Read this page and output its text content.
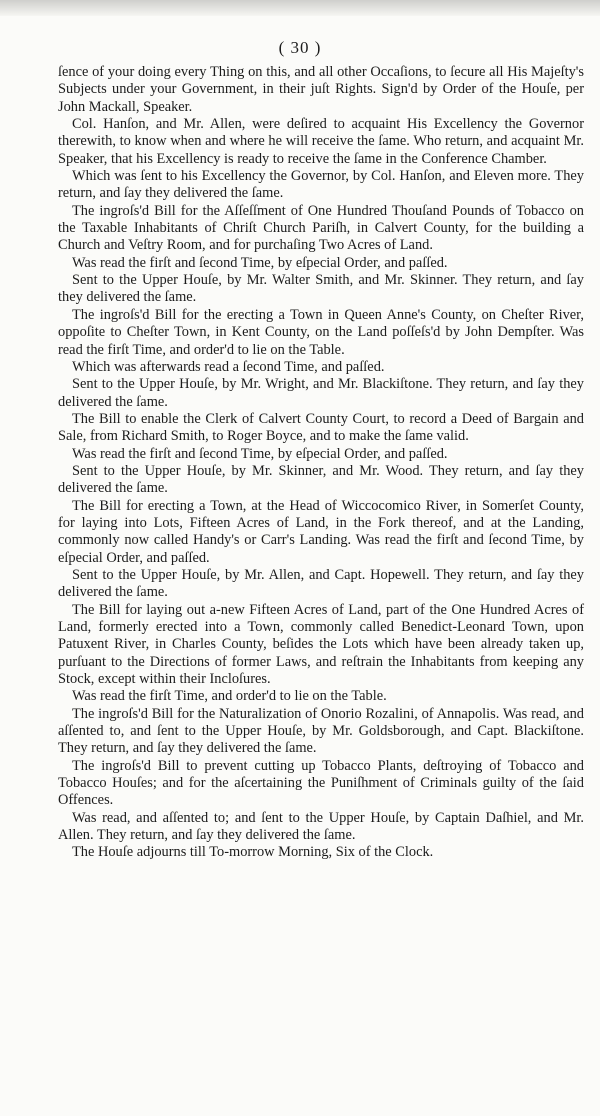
( 30 )

ſence of your doing every Thing on this, and all other Occaſions, to ſecure all His Majeſty's Subjects under your Government, in their juſt Rights. Sign'd by Order of the Houſe, per John Mackall, Speaker.

Col. Hanſon, and Mr. Allen, were deſired to acquaint His Excellency the Governor therewith, to know when and where he will receive the ſame. Who return, and acquaint Mr. Speaker, that his Excellency is ready to receive the ſame in the Conference Chamber.

Which was ſent to his Excellency the Governor, by Col. Hanſon, and Eleven more. They return, and ſay they delivered the ſame.

The ingroſs'd Bill for the Aſſeſſment of One Hundred Thouſand Pounds of Tobacco on the Taxable Inhabitants of Chriſt Church Pariſh, in Calvert County, for the building a Church and Veſtry Room, and for purchaſing Two Acres of Land.

Was read the firſt and ſecond Time, by eſpecial Order, and paſſed.

Sent to the Upper Houſe, by Mr. Walter Smith, and Mr. Skinner. They return, and ſay they delivered the ſame.

The ingroſs'd Bill for the erecting a Town in Queen Anne's County, on Cheſter River, oppoſite to Cheſter Town, in Kent County, on the Land poſſeſs'd by John Dempſter. Was read the firſt Time, and order'd to lie on the Table.

Which was afterwards read a ſecond Time, and paſſed.

Sent to the Upper Houſe, by Mr. Wright, and Mr. Blackiſtone. They return, and ſay they delivered the ſame.

The Bill to enable the Clerk of Calvert County Court, to record a Deed of Bargain and Sale, from Richard Smith, to Roger Boyce, and to make the ſame valid.

Was read the firſt and ſecond Time, by eſpecial Order, and paſſed.

Sent to the Upper Houſe, by Mr. Skinner, and Mr. Wood. They return, and ſay they delivered the ſame.

The Bill for erecting a Town, at the Head of Wiccocomico River, in Somerſet County, for laying into Lots, Fifteen Acres of Land, in the Fork thereof, and at the Landing, commonly now called Handy's or Carr's Landing. Was read the firſt and ſecond Time, by eſpecial Order, and paſſed.

Sent to the Upper Houſe, by Mr. Allen, and Capt. Hopewell. They return, and ſay they delivered the ſame.

The Bill for laying out a-new Fifteen Acres of Land, part of the One Hundred Acres of Land, formerly erected into a Town, commonly called Benedict-Leonard Town, upon Patuxent River, in Charles County, beſides the Lots which have been already taken up, purſuant to the Directions of former Laws, and reſtrain the Inhabitants from keeping any Stock, except within their Incloſures.

Was read the firſt Time, and order'd to lie on the Table.

The ingroſs'd Bill for the Naturalization of Onorio Rozalini, of Annapolis. Was read, and aſſented to, and ſent to the Upper Houſe, by Mr. Goldsborough, and Capt. Blackiſtone. They return, and ſay they delivered the ſame.

The ingroſs'd Bill to prevent cutting up Tobacco Plants, deſtroying of Tobacco and Tobacco Houſes; and for the aſcertaining the Puniſhment of Criminals guilty of the ſaid Offences.

Was read, and aſſented to; and ſent to the Upper Houſe, by Captain Daſhiel, and Mr. Allen. They return, and ſay they delivered the ſame.

The Houſe adjourns till To-morrow Morning, Six of the Clock.
